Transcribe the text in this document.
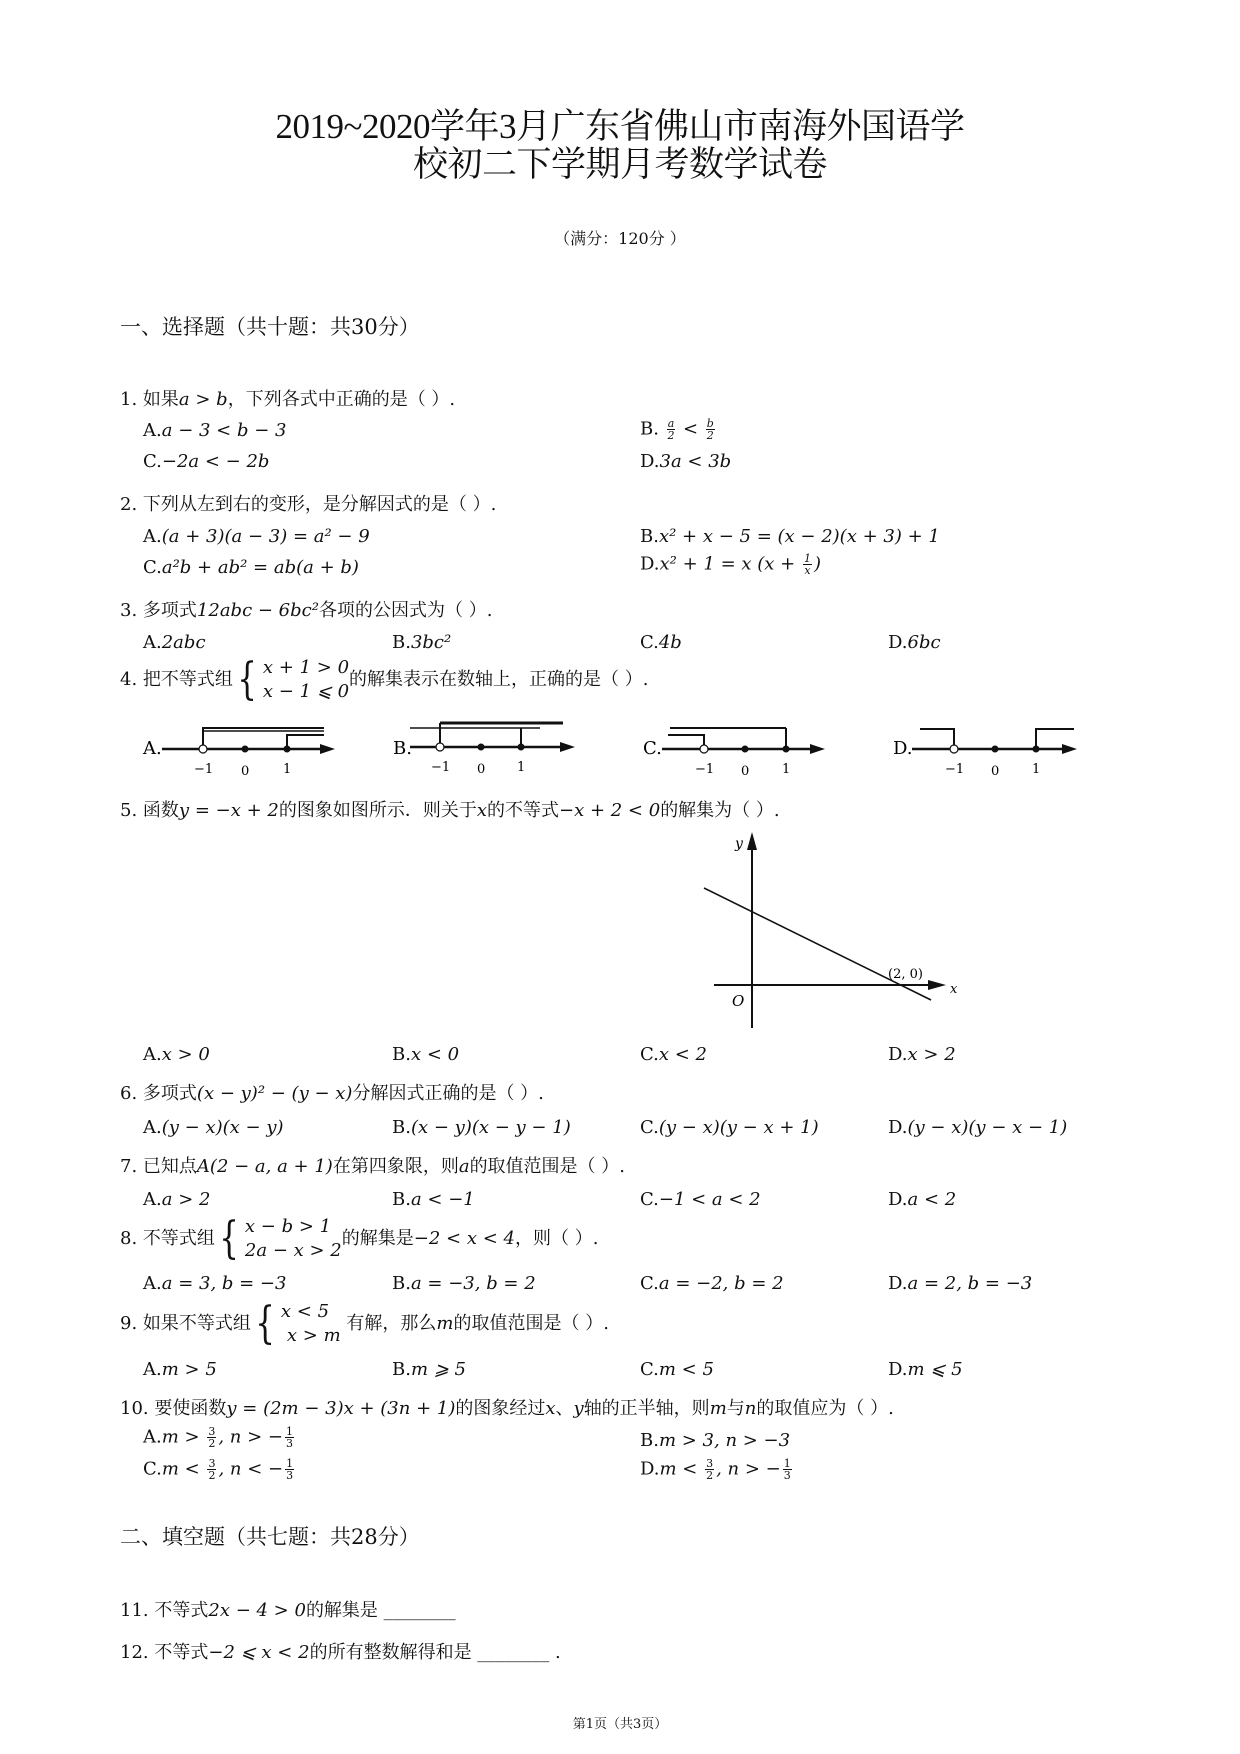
2019~2020学年3月广东省佛山市南海外国语学
校初二下学期月考数学试卷
（满分：120分 ）
一、选择题（共十题：共30分）
1. 如果a > b，下列各式中正确的是（ ）.
A.a − 3 < b − 3	B. $\frac{a}{2} < \frac{b}{2}$
C.−2a < − 2b	D.3a < 3b
2. 下列从左到右的变形，是分解因式的是（ ）.
A.(a + 3)(a − 3) = a² − 9	B.x² + x − 5 = (x − 2)(x + 3) + 1
C.a²b + ab² = ab(a + b)	D.x² + 1 = x ($x + \frac{1}{x}$ )
3. 多项式12abc − 6bc²各项的公因式为（ ）.
A.2abc	B.3bc²	C.4b	D.6bc
4. 把不等式组 { x + 1 > 0
x − 1 ⩽ 0
的解集表示在数轴上，正确的是（ ）.
A.
−1 0	1
B.
−1 0 1
C.
−1 0	1
D.
−1 0	1
5. 函数y = −x + 2的图象如图所示．则关于x的不等式−x + 2 < 0的解集为（ ）.
y
x
O
(2, 0)
A.x > 0	B.x < 0	C.x < 2	D.x > 2
6. 多项式(x − y)² − (y − x)分解因式正确的是（ ）.
A.(y − x)(x − y)	B.(x − y)(x − y − 1)	C.(y − x)(y − x + 1)	D.(y − x)(y − x − 1)
7. 已知点A(2 − a, a + 1)在第四象限，则a的取值范围是（ ）.
A.a > 2	B.a < −1	C.−1 < a < 2	D.a < 2
8. 不等式组 { x − b > 1
2a − x > 2
的解集是−2 < x < 4，则（ ）.
A.a = 3, b = −3	B.a = −3, b = 2	C.a = −2, b = 2	D.a = 2, b = −3
9. 如果不等式组 { x < 5
x > m
有解，那么m的取值范围是（ ）.
A.m > 5	B.m ⩾ 5	C.m < 5	D.m ⩽ 5
10. 要使函数y = (2m − 3)x + (3n + 1)的图象经过x、y轴的正半轴，则m与n的取值应为（ ）.
$A.m > \frac{3}{2}$ , n > − $\frac{1}{3}$	B.m > 3, n > −3
$C.m < \frac{3}{2}$ , n < − $\frac{1}{3}$	$D.m < \frac{3}{2}$ , n > − $\frac{1}{3}$
二、填空题（共七题：共28分）
11. 不等式2x − 4 > 0的解集是 ________
12. 不等式−2 ⩽ x < 2的所有整数解得和是 ________ .
第1页（共3页）
